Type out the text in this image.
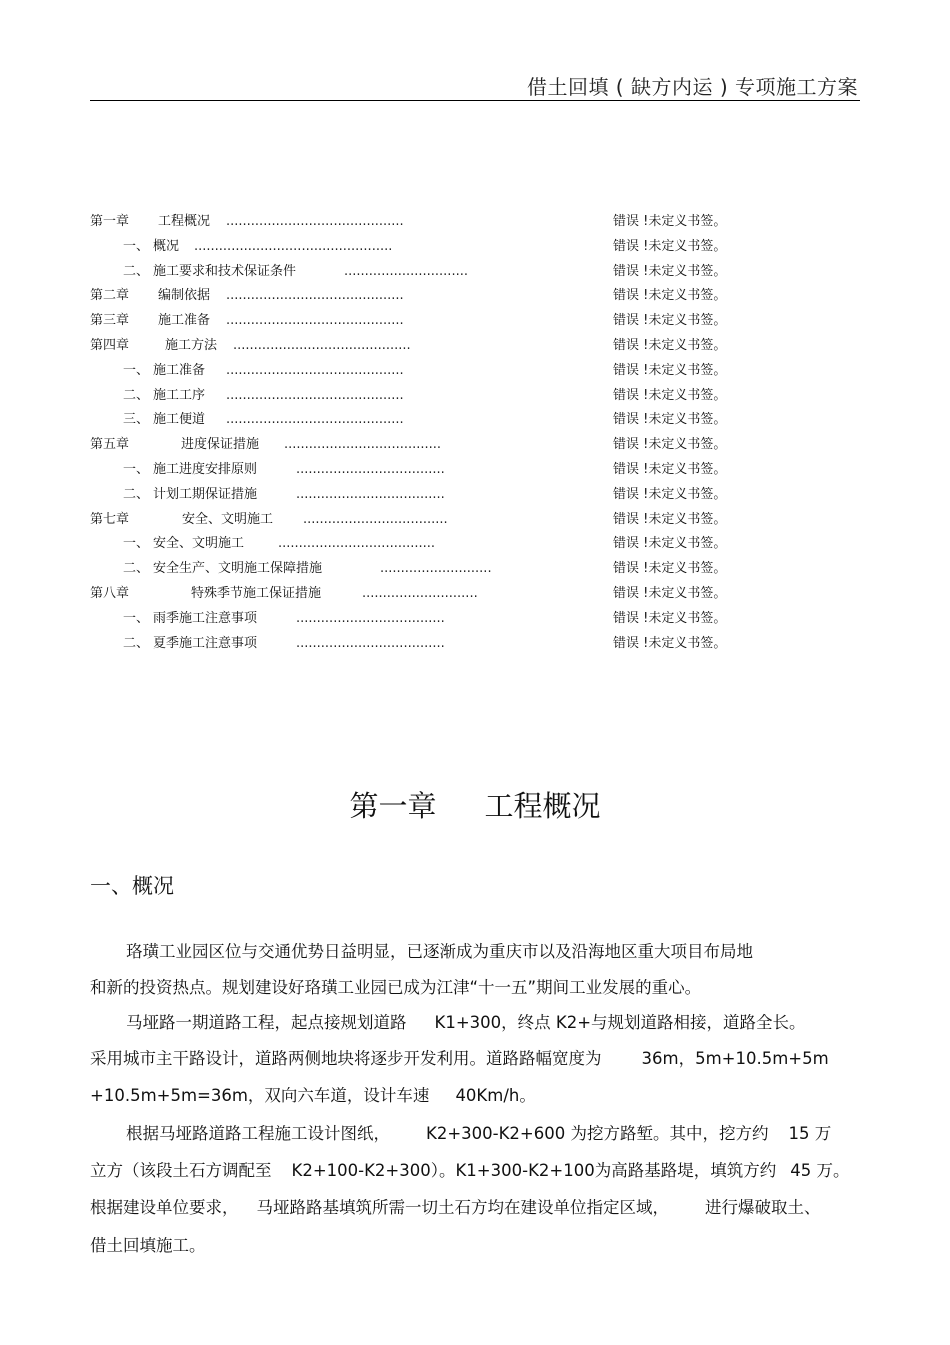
借土回填 ( 缺方内运 ) 专项施工方案
第一章 工程概况 ...........................................	错误 !未定义书签。
一、 概况 ................................................	错误 !未定义书签。
二、 施工要求和技术保证条件	..............................	错误 !未定义书签。
第二章 编制依据 ...........................................	错误 !未定义书签。
第三章 施工准备 ...........................................	错误 !未定义书签。
第四章	施工方法 ...........................................	错误 !未定义书签。
一、 施工准备 ...........................................	错误 !未定义书签。
二、 施工工序 ...........................................	错误 !未定义书签。
三、 施工便道 ...........................................	错误 !未定义书签。
第五章	进度保证措施 ......................................	错误 !未定义书签。
一、 施工进度安排原则	....................................	错误 !未定义书签。
二、 计划工期保证措施	....................................	错误 !未定义书签。
第七章	安全、文明施工 ...................................	错误 !未定义书签。
一、 安全、文明施工	......................................	错误 !未定义书签。
二、 安全生产、文明施工保障措施	...........................	错误 !未定义书签。
第八章	特殊季节施工保证措施	............................	错误 !未定义书签。
一、 雨季施工注意事项	....................................	错误 !未定义书签。
二、 夏季施工注意事项	....................................	错误 !未定义书签。
第一章 工程概况
一、概况
珞璜工业园区位与交通优势日益明显，已逐渐成为重庆市以及沿海地区重大项目布局地
和新的投资热点。规划建设好珞璜工业园已成为江津“十一五”期间工业发展的重心。
马垭路一期道路工程，起点接规划道路 K1+300，终点 K2+与规划道路相接，道路全长。
采用城市主干路设计，道路两侧地块将逐步开发利用。道路路幅宽度为 36m，5m+10.5m+5m
+10.5m+5m=36m，双向六车道，设计车速 40Km/h。
根据马垭路道路工程施工设计图纸， K2+300-K2+600 为挖方路堑。其中，挖方约 15 万
立方（该段土石方调配至 K2+100-K2+300）。K1+300-K2+100为高路基路堤，填筑方约 45 万。
根据建设单位要求， 马垭路路基填筑所需一切土石方均在建设单位指定区域， 进行爆破取土、
借土回填施工。
